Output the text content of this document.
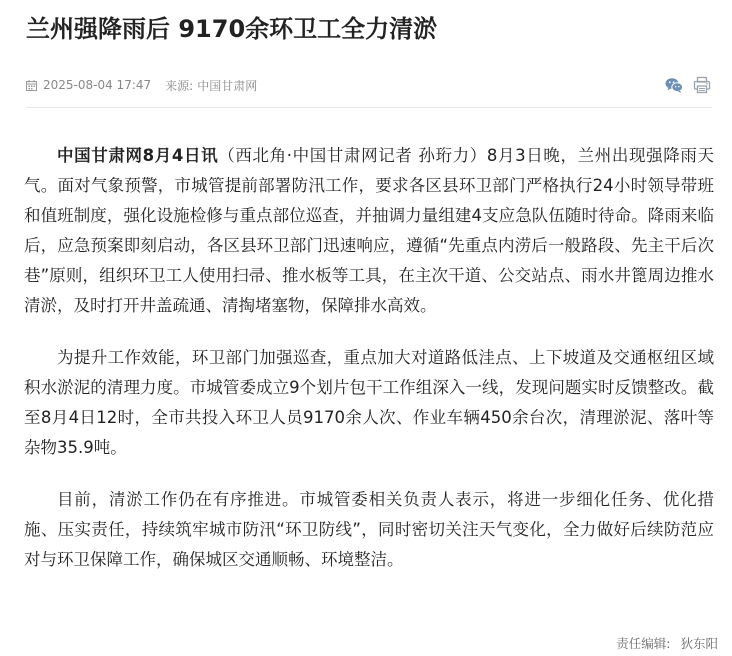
兰州强降雨后 9170余环卫工全力清淤
2025-08-04 17:47 来源: 中国甘肃网

中国甘肃网8月4日讯（西北角·中国甘肃网记者 孙珩力）8月3日晚，兰州出现强降雨天气。面对气象预警，市城管提前部署防汛工作，要求各区县环卫部门严格执行24小时领导带班和值班制度，强化设施检修与重点部位巡查，并抽调力量组建4支应急队伍随时待命。降雨来临后，应急预案即刻启动，各区县环卫部门迅速响应，遵循“先重点内涝后一般路段、先主干后次巷”原则，组织环卫工人使用扫帚、推水板等工具，在主次干道、公交站点、雨水井篦周边推水清淤，及时打开井盖疏通、清掏堵塞物，保障排水高效。

为提升工作效能，环卫部门加强巡查，重点加大对道路低洼点、上下坡道及交通枢纽区域积水淤泥的清理力度。市城管委成立9个划片包干工作组深入一线，发现问题实时反馈整改。截至8月4日12时，全市共投入环卫人员9170余人次、作业车辆450余台次，清理淤泥、落叶等杂物35.9吨。

目前，清淤工作仍在有序推进。市城管委相关负责人表示，将进一步细化任务、优化措施、压实责任，持续筑牢城市防汛“环卫防线”，同时密切关注天气变化，全力做好后续防范应对与环卫保障工作，确保城区交通顺畅、环境整洁。

责任编辑: 狄东阳
